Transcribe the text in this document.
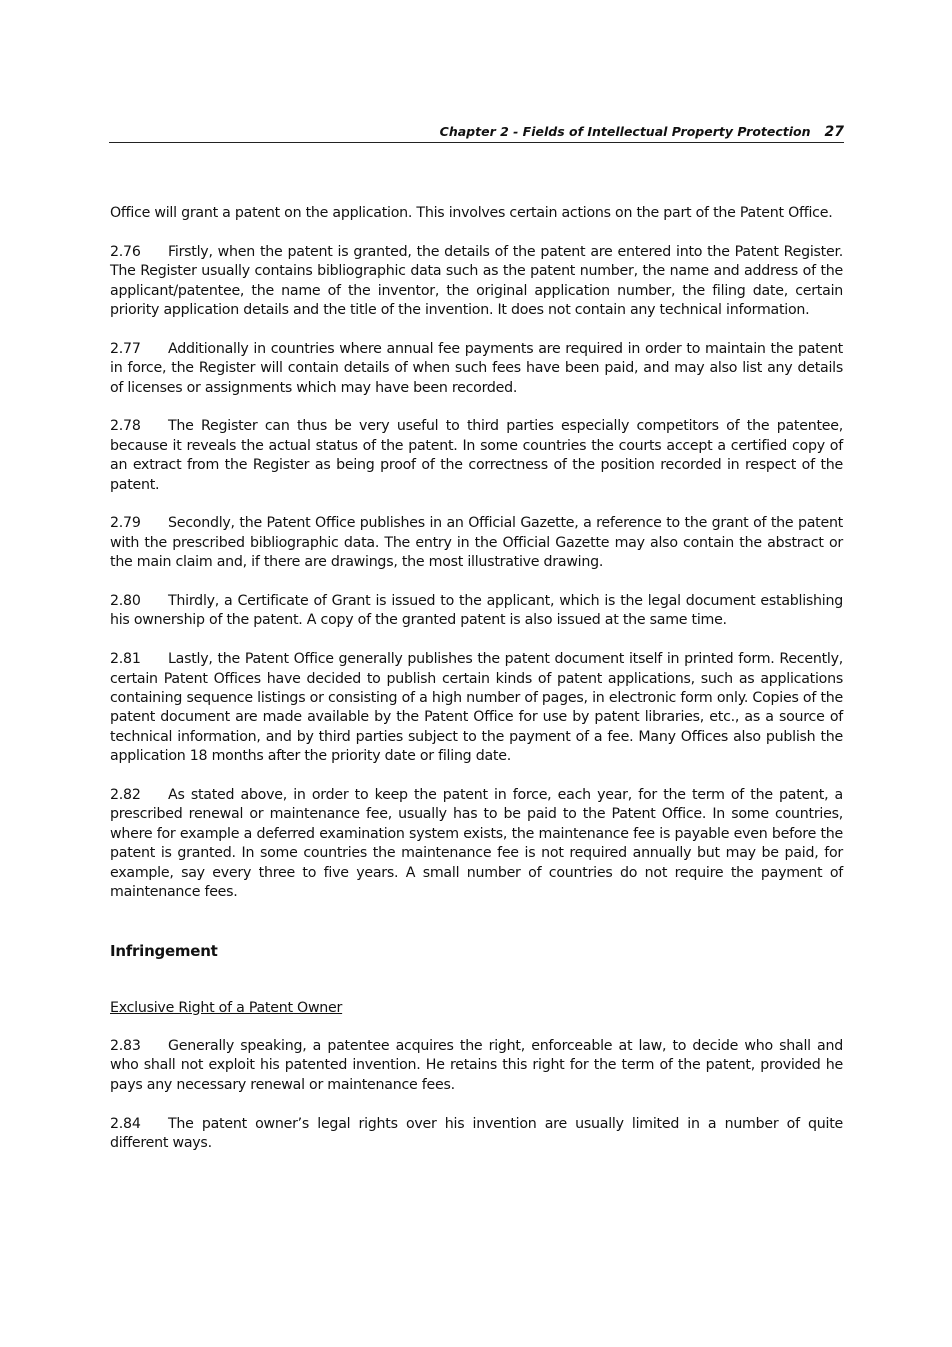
Chapter 2 - Fields of Intellectual Property Protection 27

Office will grant a patent on the application. This involves certain actions on the part of the Patent Office.

2.76 Firstly, when the patent is granted, the details of the patent are entered into the Patent Register. The Register usually contains bibliographic data such as the patent number, the name and address of the applicant/patentee, the name of the inventor, the original application number, the filing date, certain priority application details and the title of the invention. It does not contain any technical information.

2.77 Additionally in countries where annual fee payments are required in order to maintain the patent in force, the Register will contain details of when such fees have been paid, and may also list any details of licenses or assignments which may have been recorded.

2.78 The Register can thus be very useful to third parties especially competitors of the patentee, because it reveals the actual status of the patent. In some countries the courts accept a certified copy of an extract from the Register as being proof of the correctness of the position recorded in respect of the patent.

2.79 Secondly, the Patent Office publishes in an Official Gazette, a reference to the grant of the patent with the prescribed bibliographic data. The entry in the Official Gazette may also contain the abstract or the main claim and, if there are drawings, the most illustrative drawing.

2.80 Thirdly, a Certificate of Grant is issued to the applicant, which is the legal document establishing his ownership of the patent. A copy of the granted patent is also issued at the same time.

2.81 Lastly, the Patent Office generally publishes the patent document itself in printed form. Recently, certain Patent Offices have decided to publish certain kinds of patent applications, such as applications containing sequence listings or consisting of a high number of pages, in electronic form only. Copies of the patent document are made available by the Patent Office for use by patent libraries, etc., as a source of technical information, and by third parties subject to the payment of a fee. Many Offices also publish the application 18 months after the priority date or filing date.

2.82 As stated above, in order to keep the patent in force, each year, for the term of the patent, a prescribed renewal or maintenance fee, usually has to be paid to the Patent Office. In some countries, where for example a deferred examination system exists, the maintenance fee is payable even before the patent is granted. In some countries the maintenance fee is not required annually but may be paid, for example, say every three to five years. A small number of countries do not require the payment of maintenance fees.

Infringement
Exclusive Right of a Patent Owner

2.83 Generally speaking, a patentee acquires the right, enforceable at law, to decide who shall and who shall not exploit his patented invention. He retains this right for the term of the patent, provided he pays any necessary renewal or maintenance fees.

2.84 The patent owner’s legal rights over his invention are usually limited in a number of quite different ways.
